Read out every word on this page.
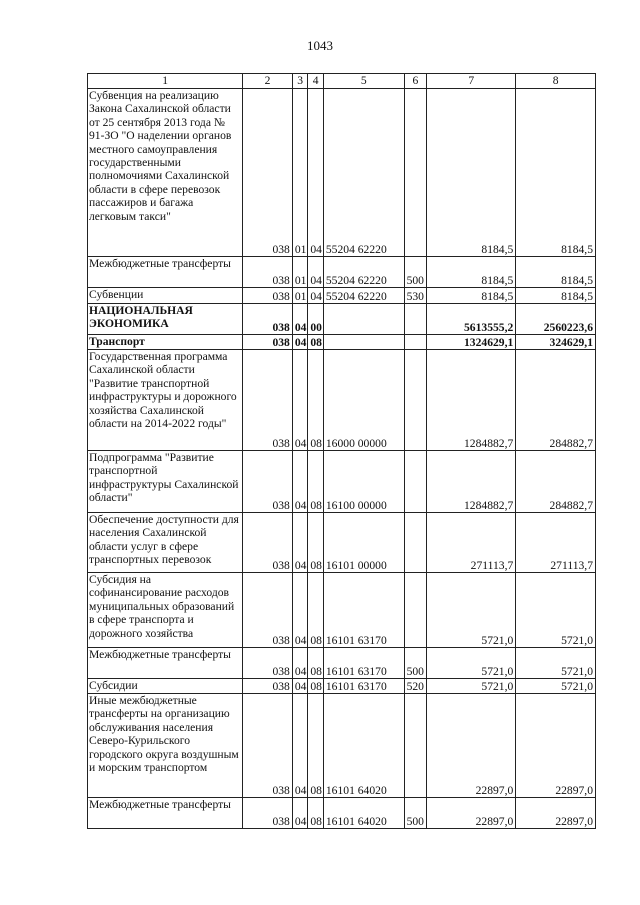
1043
1	2	3	4	5	6	7	8
Субвенция на реализацию Закона Сахалинской области от 25 сентября 2013 года № 91-ЗО "О наделении органов местного самоуправления государственными полномочиями Сахалинской области в сфере перевозок пассажиров и багажа легковым такси"	038	01	04	55204 62220		8184,5	8184,5
Межбюджетные трансферты	038	01	04	55204 62220	500	8184,5	8184,5
Субвенции	038	01	04	55204 62220	530	8184,5	8184,5
НАЦИОНАЛЬНАЯ ЭКОНОМИКА	038	04	00			5613555,2	2560223,6
Транспорт	038	04	08			1324629,1	324629,1
Государственная программа Сахалинской области "Развитие транспортной инфраструктуры и дорожного хозяйства Сахалинской области на 2014-2022 годы"	038	04	08	16000 00000		1284882,7	284882,7
Подпрограмма "Развитие транспортной инфраструктуры Сахалинской области"	038	04	08	16100 00000		1284882,7	284882,7
Обеспечение доступности для населения Сахалинской области услуг в сфере транспортных перевозок	038	04	08	16101 00000		271113,7	271113,7
Субсидия на софинансирование расходов муниципальных образований в сфере транспорта и дорожного хозяйства	038	04	08	16101 63170		5721,0	5721,0
Межбюджетные трансферты	038	04	08	16101 63170	500	5721,0	5721,0
Субсидии	038	04	08	16101 63170	520	5721,0	5721,0
Иные межбюджетные трансферты на организацию обслуживания населения Северо-Курильского городского округа воздушным и морским транспортом	038	04	08	16101 64020		22897,0	22897,0
Межбюджетные трансферты	038	04	08	16101 64020	500	22897,0	22897,0
